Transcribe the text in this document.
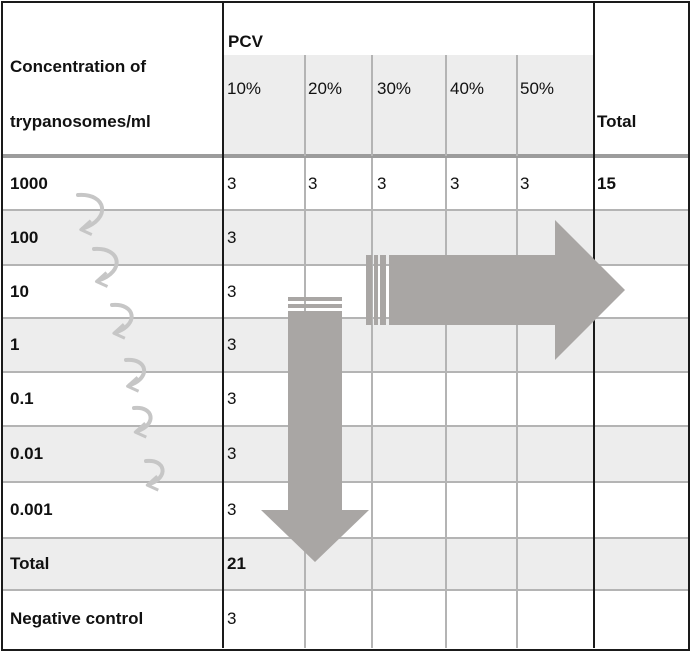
Concentration of
trypanosomes/ml
PCV
10%	20% 30% 40% 50%
Total
1000	3	3	3	3	3	15
100	3
10	3
1	3
0.1	3
0.01	3
0.001	3
Total	21
Negative control	3
